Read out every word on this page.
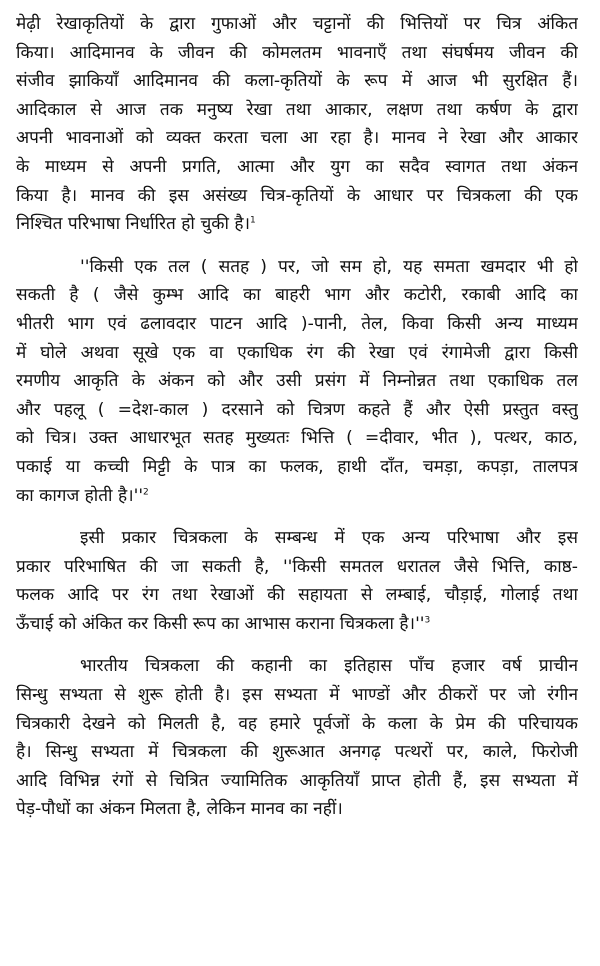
मेढ़ी रेखाकृतियों के द्वारा गुफाओं और चट्टानों की भित्तियों पर चित्र अंकित
किया। आदिमानव के जीवन की कोमलतम भावनाएँ तथा संघर्षमय जीवन की
संजीव झाकियाँ आदिमानव की कला-कृतियों के रूप में आज भी सुरक्षित हैं।
आदिकाल से आज तक मनुष्य रेखा तथा आकार, लक्षण तथा कर्षण के द्वारा
अपनी भावनाओं को व्यक्त करता चला आ रहा है। मानव ने रेखा और आकार
के माध्यम से अपनी प्रगति, आत्मा और युग का सदैव स्वागत तथा अंकन
किया है। मानव की इस असंख्य चित्र-कृतियों के आधार पर चित्रकला की एक
निश्चित परिभाषा निर्धारित हो चुकी है।$^1$
''किसी एक तल ( सतह ) पर, जो सम हो, यह समता खमदार भी हो
सकती है ( जैसे कुम्भ आदि का बाहरी भाग और कटोरी, रकाबी आदि का
भीतरी भाग एवं ढलावदार पाटन आदि )-पानी, तेल, किवा किसी अन्य माध्यम
में घोले अथवा सूखे एक वा एकाधिक रंग की रेखा एवं रंगामेजी द्वारा किसी
रमणीय आकृति के अंकन को और उसी प्रसंग में निम्नोन्नत तथा एकाधिक तल
और पहलू ( =देश-काल ) दरसाने को चित्रण कहते हैं और ऐसी प्रस्तुत वस्तु
को चित्र। उक्त आधारभूत सतह मुख्यतः भित्ति ( =दीवार, भीत ), पत्थर, काठ,
पकाई या कच्ची मिट्टी के पात्र का फलक, हाथी दाँत, चमड़ा, कपड़ा, तालपत्र
का कागज होती $है।''^2$
इसी प्रकार चित्रकला के सम्बन्ध में एक अन्य परिभाषा और इस
प्रकार परिभाषित की जा सकती है, ''किसी समतल धरातल जैसे भित्ति, काष्ठ-
फलक आदि पर रंग तथा रेखाओं की सहायता से लम्बाई, चौड़ाई, गोलाई तथा
ऊँचाई को अंकित कर किसी रूप का आभास कराना चित्रकला $है।''^3$
भारतीय चित्रकला की कहानी का इतिहास पाँच हजार वर्ष प्राचीन
सिन्धु सभ्यता से शुरू होती है। इस सभ्यता में भाण्डों और ठीकरों पर जो रंगीन
चित्रकारी देखने को मिलती है, वह हमारे पूर्वजों के कला के प्रेम की परिचायक
है। सिन्धु सभ्यता में चित्रकला की शुरूआत अनगढ़ पत्थरों पर, काले, फिरोजी
आदि विभिन्न रंगों से चित्रित ज्यामितिक आकृतियाँ प्राप्त होती हैं, इस सभ्यता में
पेड़-पौधों का अंकन मिलता है, लेकिन मानव का नहीं।
